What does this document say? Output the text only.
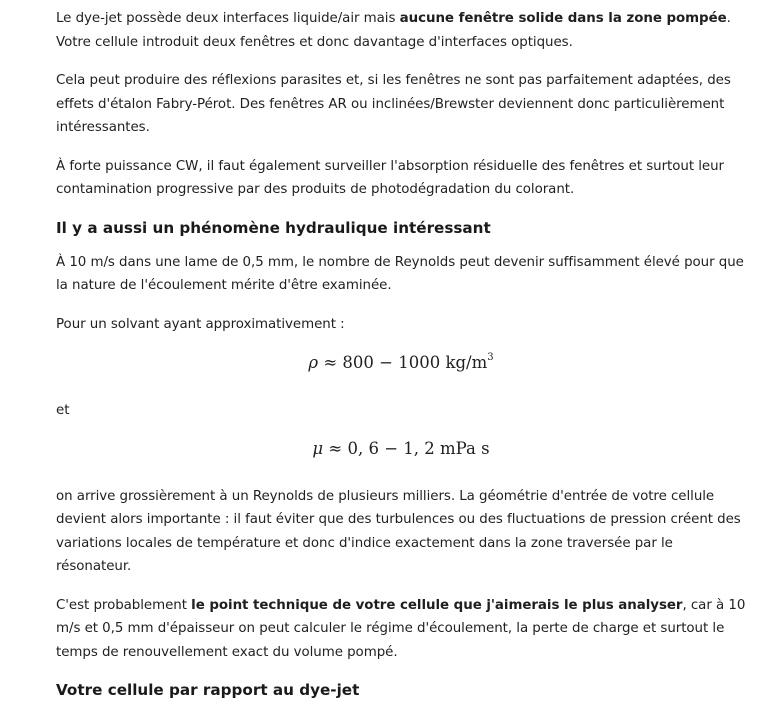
Le dye-jet possède deux interfaces liquide/air mais aucune fenêtre solide dans la zone pompée. Votre cellule introduit deux fenêtres et donc davantage d'interfaces optiques.

Cela peut produire des réflexions parasites et, si les fenêtres ne sont pas parfaitement adaptées, des effets d'étalon Fabry-Pérot. Des fenêtres AR ou inclinées/Brewster deviennent donc particulièrement intéressantes.

À forte puissance CW, il faut également surveiller l'absorption résiduelle des fenêtres et surtout leur contamination progressive par des produits de photodégradation du colorant.

Il y a aussi un phénomène hydraulique intéressant

À 10 m/s dans une lame de 0,5 mm, le nombre de Reynolds peut devenir suffisamment élevé pour que la nature de l'écoulement mérite d'être examinée.

Pour un solvant ayant approximativement :

ρ ≈ 800 − 1000 $kg/m^3$

et

μ ≈ 0, 6 − 1, 2 mPa s

on arrive grossièrement à un Reynolds de plusieurs milliers. La géométrie d'entrée de votre cellule devient alors importante : il faut éviter que des turbulences ou des fluctuations de pression créent des variations locales de température et donc d'indice exactement dans la zone traversée par le résonateur.

C'est probablement le point technique de votre cellule que j'aimerais le plus analyser, car à 10 m/s et 0,5 mm d'épaisseur on peut calculer le régime d'écoulement, la perte de charge et surtout le temps de renouvellement exact du volume pompé.

Votre cellule par rapport au dye-jet
